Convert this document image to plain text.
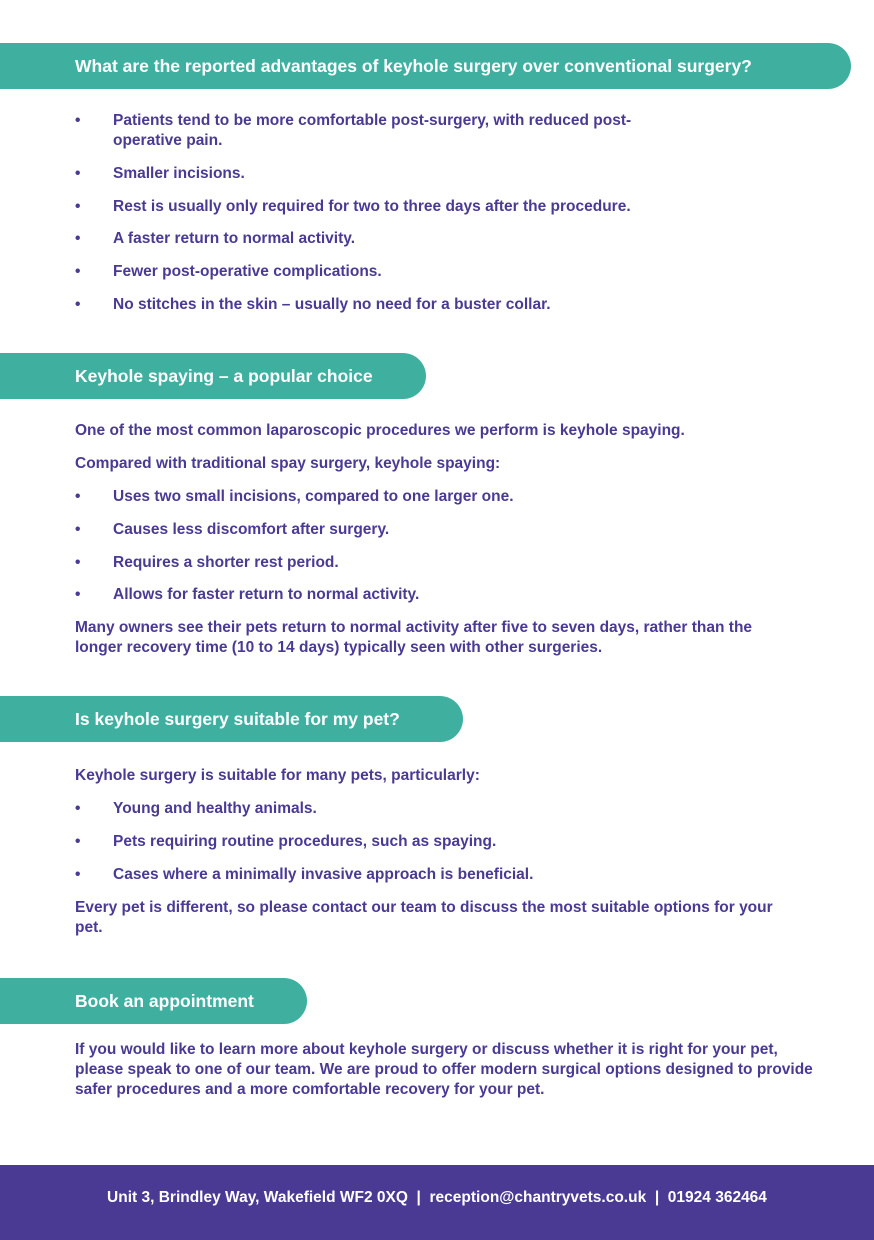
What are the reported advantages of keyhole surgery over conventional surgery?
•	Patients tend to be more comfortable post-surgery, with reduced post-operative pain.
•	Smaller incisions.
•	Rest is usually only required for two to three days after the procedure.
•	A faster return to normal activity.
•	Fewer post-operative complications.
•	No stitches in the skin – usually no need for a buster collar.
Keyhole spaying – a popular choice

One of the most common laparoscopic procedures we perform is keyhole spaying.

Compared with traditional spay surgery, keyhole spaying:

•	Uses two small incisions, compared to one larger one.
•	Causes less discomfort after surgery.
•	Requires a shorter rest period.
•	Allows for faster return to normal activity.

Many owners see their pets return to normal activity after five to seven days, rather than the longer recovery time (10 to 14 days) typically seen with other surgeries.

Is keyhole surgery suitable for my pet?

Keyhole surgery is suitable for many pets, particularly:

•	Young and healthy animals.
•	Pets requiring routine procedures, such as spaying.
•	Cases where a minimally invasive approach is beneficial.

Every pet is different, so please contact our team to discuss the most suitable options for your pet.

Book an appointment

If you would like to learn more about keyhole surgery or discuss whether it is right for your pet, please speak to one of our team. We are proud to offer modern surgical options designed to provide safer procedures and a more comfortable recovery for your pet.

Unit 3, Brindley Way, Wakefield WF2 0XQ | reception@chantryvets.co.uk | 01924 362464
